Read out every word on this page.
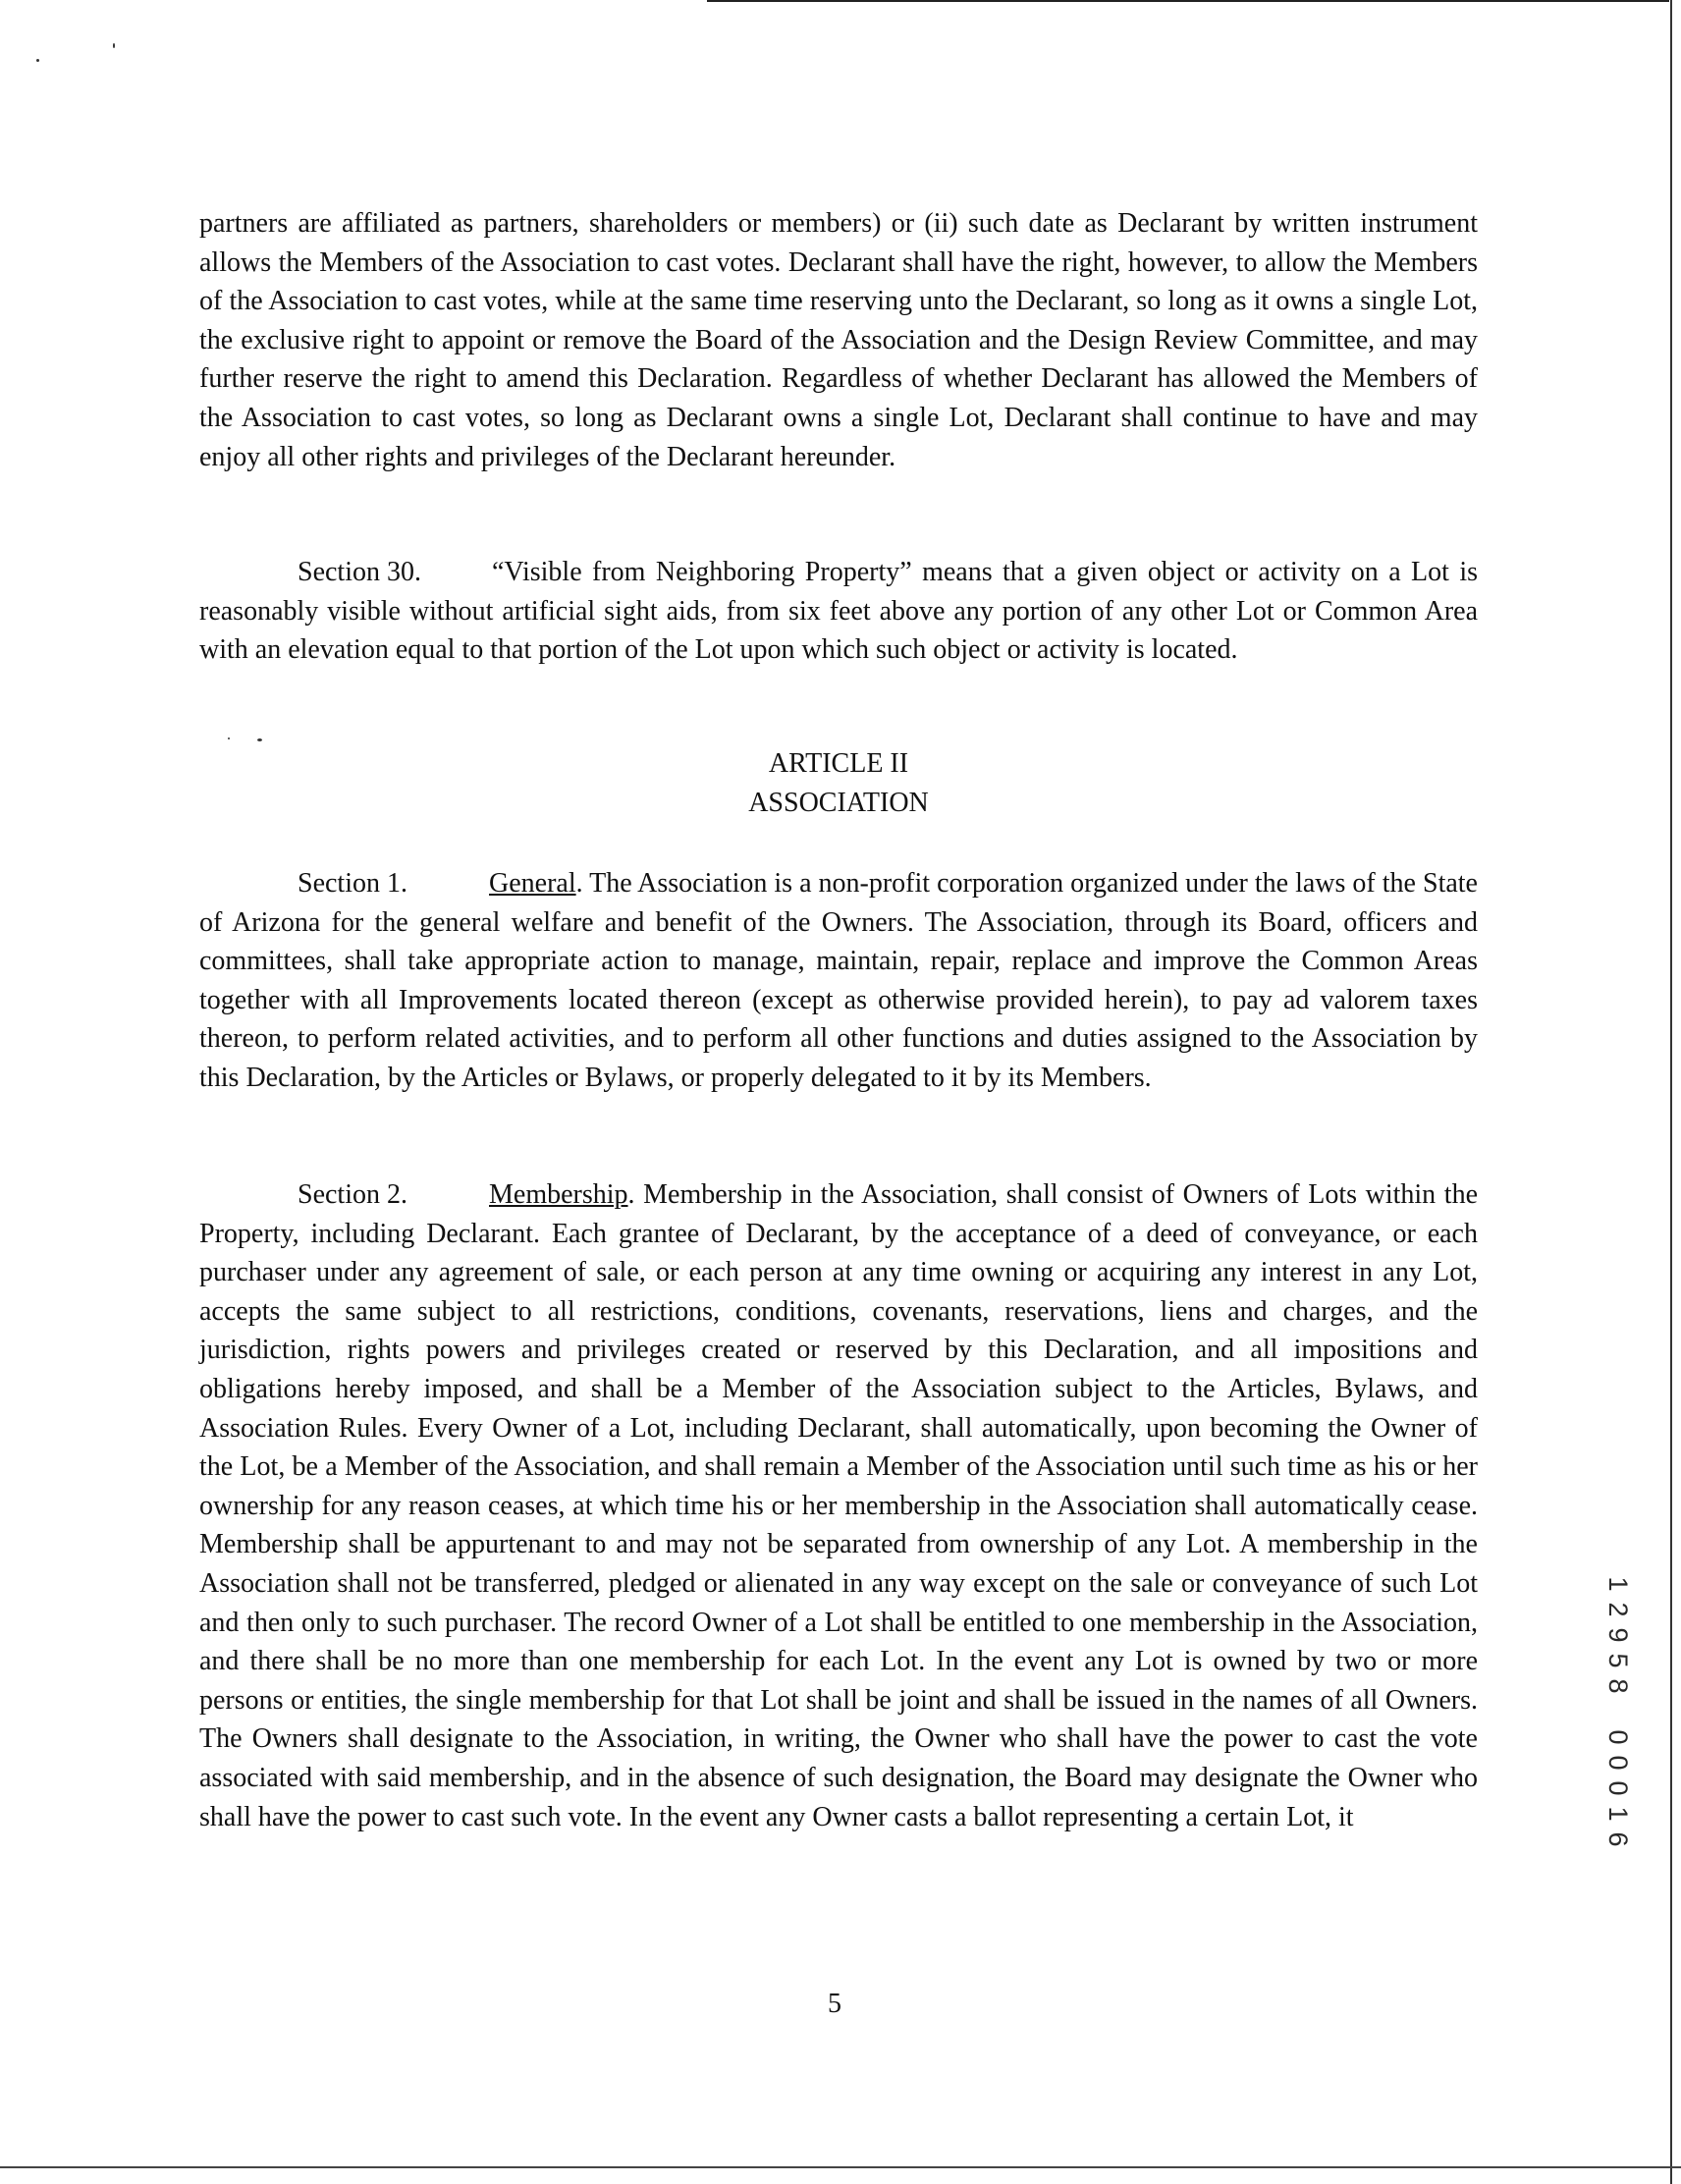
partners are affiliated as partners, shareholders or members) or (ii) such date as Declarant by written instrument allows the Members of the Association to cast votes. Declarant shall have the right, however, to allow the Members of the Association to cast votes, while at the same time reserving unto the Declarant, so long as it owns a single Lot, the exclusive right to appoint or remove the Board of the Association and the Design Review Committee, and may further reserve the right to amend this Declaration. Regardless of whether Declarant has allowed the Members of the Association to cast votes, so long as Declarant owns a single Lot, Declarant shall continue to have and may enjoy all other rights and privileges of the Declarant hereunder.

Section 30.	“Visible from Neighboring Property” means that a given object or activity on a Lot is reasonably visible without artificial sight aids, from six feet above any portion of any other Lot or Common Area with an elevation equal to that portion of the Lot upon which such object or activity is located.

ARTICLE II

ASSOCIATION

Section 1.	General. The Association is a non-profit corporation organized under the laws of the State of Arizona for the general welfare and benefit of the Owners. The Association, through its Board, officers and committees, shall take appropriate action to manage, maintain, repair, replace and improve the Common Areas together with all Improvements located thereon (except as otherwise provided herein), to pay ad valorem taxes thereon, to perform related activities, and to perform all other functions and duties assigned to the Association by this Declaration, by the Articles or Bylaws, or properly delegated to it by its Members.

Section 2.	Membership. Membership in the Association, shall consist of Owners of Lots within the Property, including Declarant. Each grantee of Declarant, by the acceptance of a deed of conveyance, or each purchaser under any agreement of sale, or each person at any time owning or acquiring any interest in any Lot, accepts the same subject to all restrictions, conditions, covenants, reservations, liens and charges, and the jurisdiction, rights powers and privileges created or reserved by this Declaration, and all impositions and obligations hereby imposed, and shall be a Member of the Association subject to the Articles, Bylaws, and Association Rules. Every Owner of a Lot, including Declarant, shall automatically, upon becoming the Owner of the Lot, be a Member of the Association, and shall remain a Member of the Association until such time as his or her ownership for any reason ceases, at which time his or her membership in the Association shall automatically cease. Membership shall be appurtenant to and may not be separated from ownership of any Lot. A membership in the Association shall not be transferred, pledged or alienated in any way except on the sale or conveyance of such Lot and then only to such purchaser. The record Owner of a Lot shall be entitled to one membership in the Association, and there shall be no more than one membership for each Lot. In the event any Lot is owned by two or more persons or entities, the single membership for that Lot shall be joint and shall be issued in the names of all Owners. The Owners shall designate to the Association, in writing, the Owner who shall have the power to cast the vote associated with said membership, and in the absence of such designation, the Board may designate the Owner who shall have the power to cast such vote. In the event any Owner casts a ballot representing a certain Lot, it

5
1
2
9
5
8
0
0
0
1
6
